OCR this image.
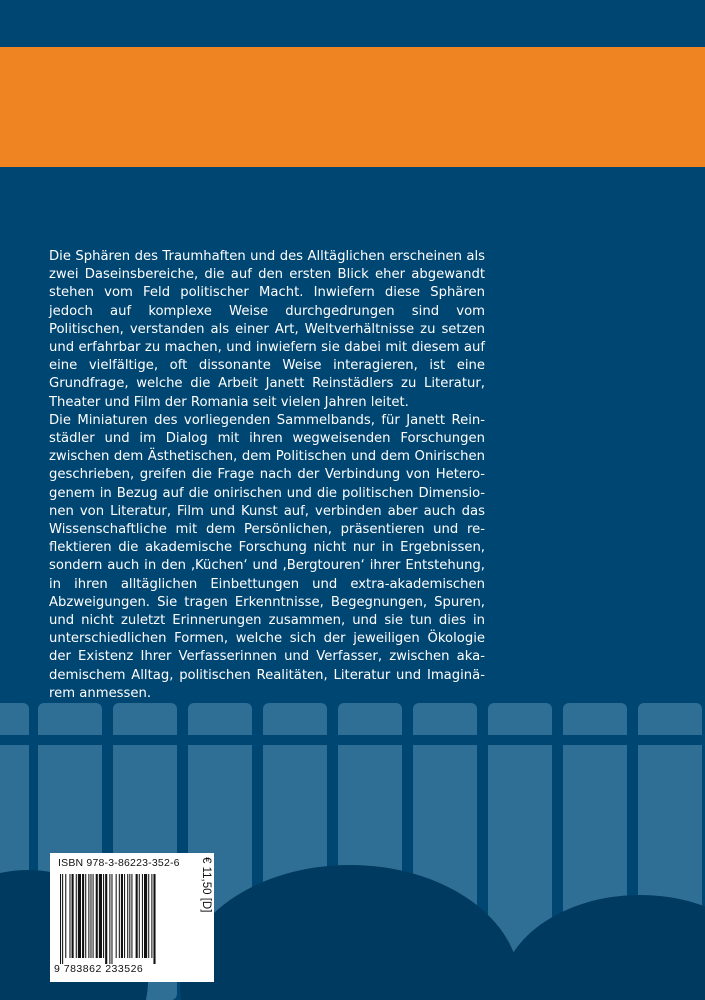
Die Sphären des Traumhaften und des Alltäglichen erscheinen als zwei Daseinsbereiche, die auf den ersten Blick eher abgewandt stehen vom Feld politischer Macht. Inwiefern diese Sphären jedoch auf komplexe Weise durchgedrungen sind vom Politischen, verstanden als einer Art, Weltverhältnisse zu setzen und erfahrbar zu machen, und inwiefern sie dabei mit diesem auf eine vielfältige, oft dissonante Weise interagieren, ist eine Grundfrage, welche die Arbeit Janett Reinstädlers zu Literatur, Theater und Film der Romania seit vielen Jahren leitet.

Die Miniaturen des vorliegenden Sammelbands, für Janett Reinstädler und im Dialog mit ihren wegweisenden Forschungen zwischen dem Ästhetischen, dem Politischen und dem Onirischen geschrieben, greifen die Frage nach der Verbindung von Heterogenem in Bezug auf die onirischen und die politischen Dimensionen von Literatur, Film und Kunst auf, verbinden aber auch das Wissenschaftliche mit dem Persönlichen, präsentieren und reflektieren die akademische Forschung nicht nur in Ergebnissen, sondern auch in den ‚Küchen‘ und ‚Bergtouren‘ ihrer Entstehung, in ihren alltäglichen Einbettungen und extra-akademischen Abzweigungen. Sie tragen Erkenntnisse, Begegnungen, Spuren, und nicht zuletzt Erinnerungen zusammen, und sie tun dies in unterschiedlichen Formen, welche sich der jeweiligen Ökologie der Existenz Ihrer Verfasserinnen und Verfasser, zwischen akademischem Alltag, politischen Realitäten, Literatur und Imaginärem anmessen.

ISBN 978-3-86223-352-6
9 783862 233526
€ 11,50 [D]
